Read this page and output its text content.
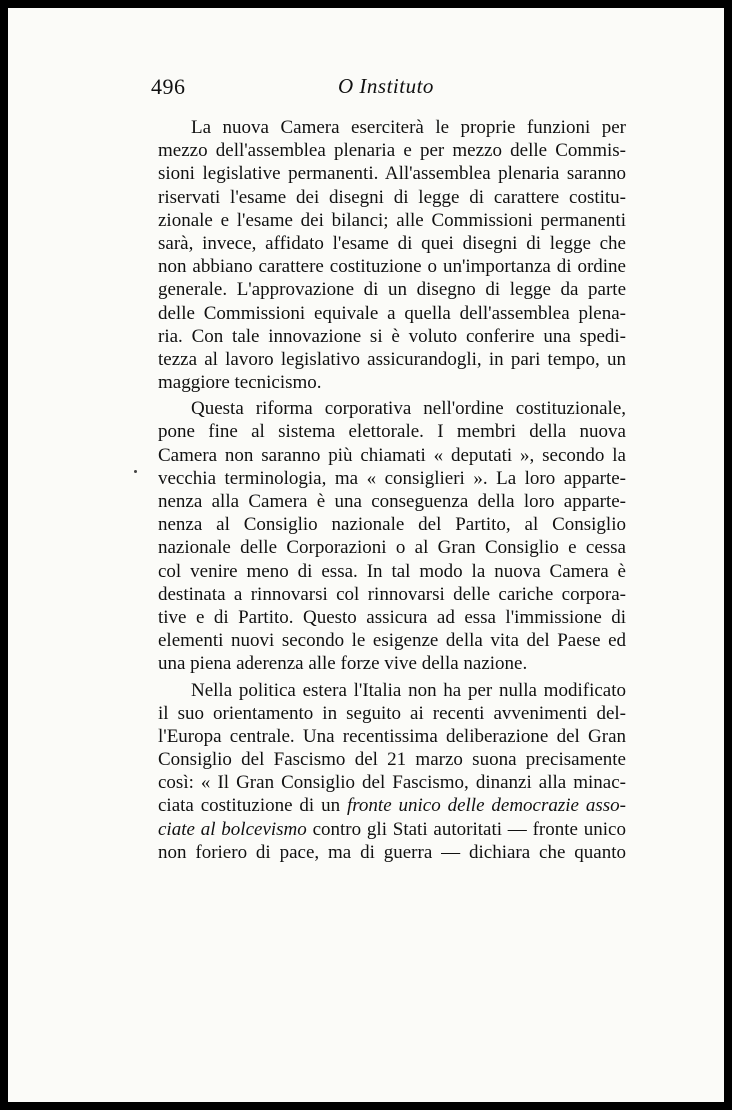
496	O Instituto
La nuova Camera eserciterà le proprie funzioni per
mezzo dell'assemblea plenaria e per mezzo delle Commis-
sioni legislative permanenti. All'assemblea plenaria saranno
riservati l'esame dei disegni di legge di carattere costitu-
zionale e l'esame dei bilanci; alle Commissioni permanenti
sarà, invece, affidato l'esame di quei disegni di legge che
non abbiano carattere costituzione o un'importanza di ordine
generale. L'approvazione di un disegno di legge da parte
delle Commissioni equivale a quella dell'assemblea plena-
ria. Con tale innovazione si è voluto conferire una spedi-
tezza al lavoro legislativo assicurandogli, in pari tempo, un
maggiore tecnicismo.
Questa riforma corporativa nell'ordine costituzionale,
pone fine al sistema elettorale. I membri della nuova
Camera non saranno più chiamati « deputati », secondo la
vecchia terminologia, ma « consiglieri ». La loro apparte-
nenza alla Camera è una conseguenza della loro apparte-
nenza al Consiglio nazionale del Partito, al Consiglio
nazionale delle Corporazioni o al Gran Consiglio e cessa
col venire meno di essa. In tal modo la nuova Camera è
destinata a rinnovarsi col rinnovarsi delle cariche corpora-
tive e di Partito. Questo assicura ad essa l'immissione di
elementi nuovi secondo le esigenze della vita del Paese ed
una piena aderenza alle forze vive della nazione.
Nella politica estera l'Italia non ha per nulla modificato
il suo orientamento in seguito ai recenti avvenimenti del-
l'Europa centrale. Una recentissima deliberazione del Gran
Consiglio del Fascismo del 21 marzo suona precisamente
così: « Il Gran Consiglio del Fascismo, dinanzi alla minac-
ciata costituzione di un fronte unico delle democrazie asso-
ciate al bolcevismo contro gli Stati autoritati — fronte unico
non foriero di pace, ma di guerra — dichiara che quanto
